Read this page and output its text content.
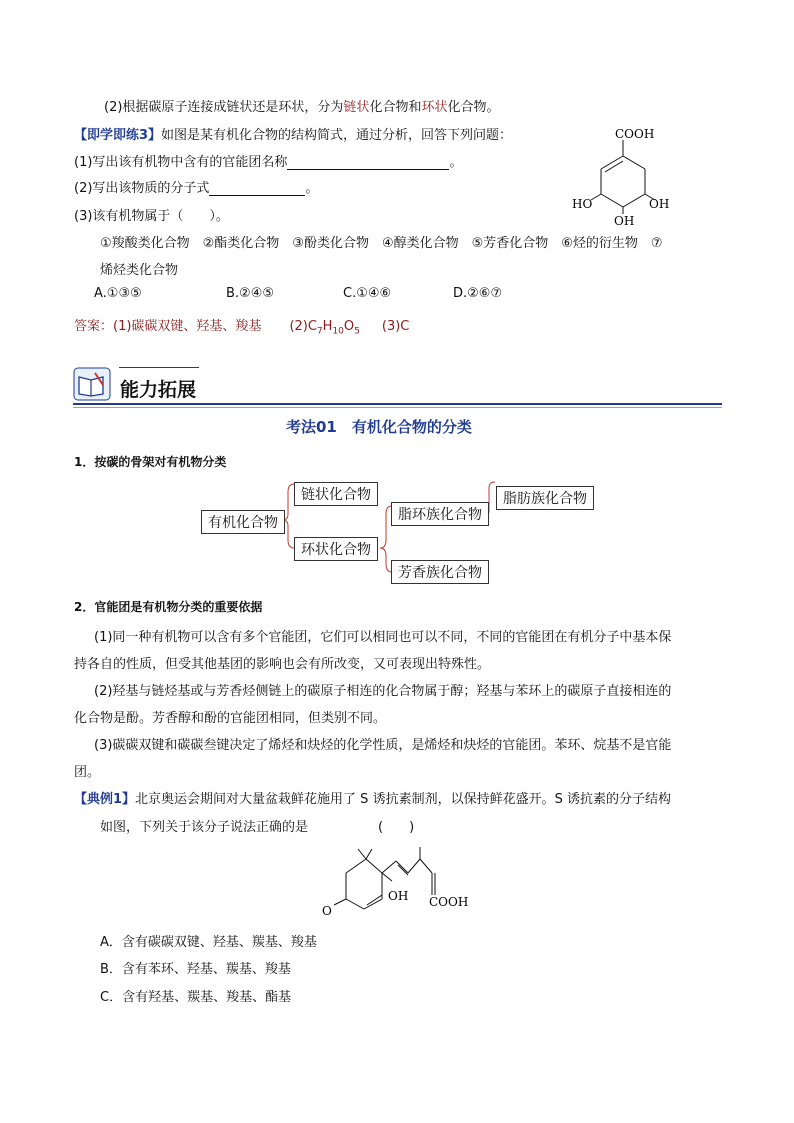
(2)根据碳原子连接成链状还是环状，分为链状化合物和环状化合物。
【即学即练3】如图是某有机化合物的结构简式，通过分析，回答下列问题：
(1)写出该有机物中含有的官能团名称	。
(2)写出该物质的分子式	。
(3)该有机物属于（　　）。
①羧酸类化合物　②酯类化合物　③酚类化合物　④醇类化合物　⑤芳香化合物　⑥烃的衍生物　⑦
烯烃类化合物
A.①③⑤	B.②④⑤	C.①④⑥	D.②⑥⑦
答案：(1)碳碳双键、羟基、羧基 $(2)C_7H_{10}O_5$ (3)C
COOH
HO
OH
OH
能力拓展
考法01　有机化合物的分类
1．按碳的骨架对有机物分类
有机化合物
链状化合物
环状化合物
脂环族化合物
脂肪族化合物
芳香族化合物
2．官能团是有机物分类的重要依据
(1)同一种有机物可以含有多个官能团，它们可以相同也可以不同，不同的官能团在有机分子中基本保
持各自的性质，但受其他基团的影响也会有所改变，又可表现出特殊性。
(2)羟基与链烃基或与芳香烃侧链上的碳原子相连的化合物属于醇；羟基与苯环上的碳原子直接相连的
化合物是酚。芳香醇和酚的官能团相同，但类别不同。
(3)碳碳双键和碳碳叁键决定了烯烃和炔烃的化学性质，是烯烃和炔烃的官能团。苯环、烷基不是官能
团。
【典例1】北京奥运会期间对大量盆栽鲜花施用了 S 诱抗素制剂，以保持鲜花盛开。S 诱抗素的分子结构
如图，下列关于该分子说法正确的是	(　　)
O
OH COOH
A．含有碳碳双键、羟基、羰基、羧基
B．含有苯环、羟基、羰基、羧基
C．含有羟基、羰基、羧基、酯基
